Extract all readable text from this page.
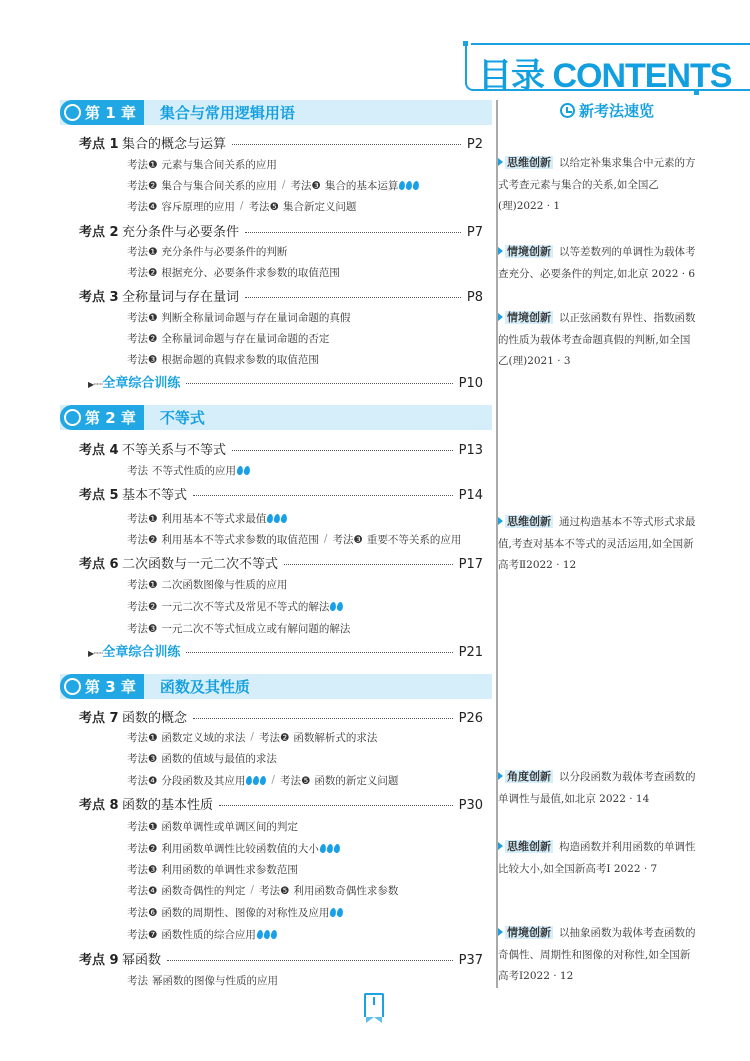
目录 CONTENTS
新考法速览
第 1 章 集合与常用逻辑用语
考点 1 集合的概念与运算	P2
考法❶ 元素与集合间关系的应用
考法❷ 集合与集合间关系的应用 / 考法❸ 集合的基本运算
考法❹ 容斥原理的应用 / 考法❺ 集合新定义问题
考点 2 充分条件与必要条件	P7
考法❶ 充分条件与必要条件的判断
考法❷ 根据充分、必要条件求参数的取值范围
考点 3 全称量词与存在量词	P8
考法❶ 判断全称量词命题与存在量词命题的真假
考法❷ 全称量词命题与存在量词命题的否定
考法❸ 根据命题的真假求参数的取值范围
▶······ 全章综合训练	P10
第 2 章 不等式
考点 4 不等关系与不等式	P13
考法 不等式性质的应用
考点 5 基本不等式	P14
考法❶ 利用基本不等式求最值
考法❷ 利用基本不等式求参数的取值范围 / 考法❸ 重要不等关系的应用
考点 6 二次函数与一元二次不等式	P17
考法❶ 二次函数图像与性质的应用
考法❷ 一元二次不等式及常见不等式的解法
考法❸ 一元二次不等式恒成立或有解问题的解法
▶······ 全章综合训练	P21
第 3 章 函数及其性质
考点 7 函数的概念	P26
考法❶ 函数定义域的求法 / 考法❷ 函数解析式的求法
考法❸ 函数的值域与最值的求法
考法❹ 分段函数及其应用 / 考法❺ 函数的新定义问题
考点 8 函数的基本性质	P30
考法❶ 函数单调性或单调区间的判定
考法❷ 利用函数单调性比较函数值的大小
考法❸ 利用函数的单调性求参数范围
考法❹ 函数奇偶性的判定 / 考法❺ 利用函数奇偶性求参数
考法❻ 函数的周期性、图像的对称性及应用
考法❼ 函数性质的综合应用
考点 9 幂函数	P37
考法 幂函数的图像与性质的应用
思维创新 以给定补集求集合中元素的方式考查元素与集合的关系,如全国乙(理)2022 · 1
情境创新 以等差数列的单调性为载体考查充分、必要条件的判定,如北京 2022 · 6
情境创新 以正弦函数有界性、指数函数的性质为载体考查命题真假的判断,如全国乙(理)2021 · 3
思维创新 通过构造基本不等式形式求最值,考查对基本不等式的灵活运用,如全国新高考Ⅱ2022 · 12
角度创新 以分段函数为载体考查函数的单调性与最值,如北京 2022 · 14
思维创新 构造函数并利用函数的单调性比较大小,如全国新高考Ⅰ 2022 · 7
情境创新 以抽象函数为载体考查函数的奇偶性、周期性和图像的对称性,如全国新高考Ⅰ2022 · 12
I
